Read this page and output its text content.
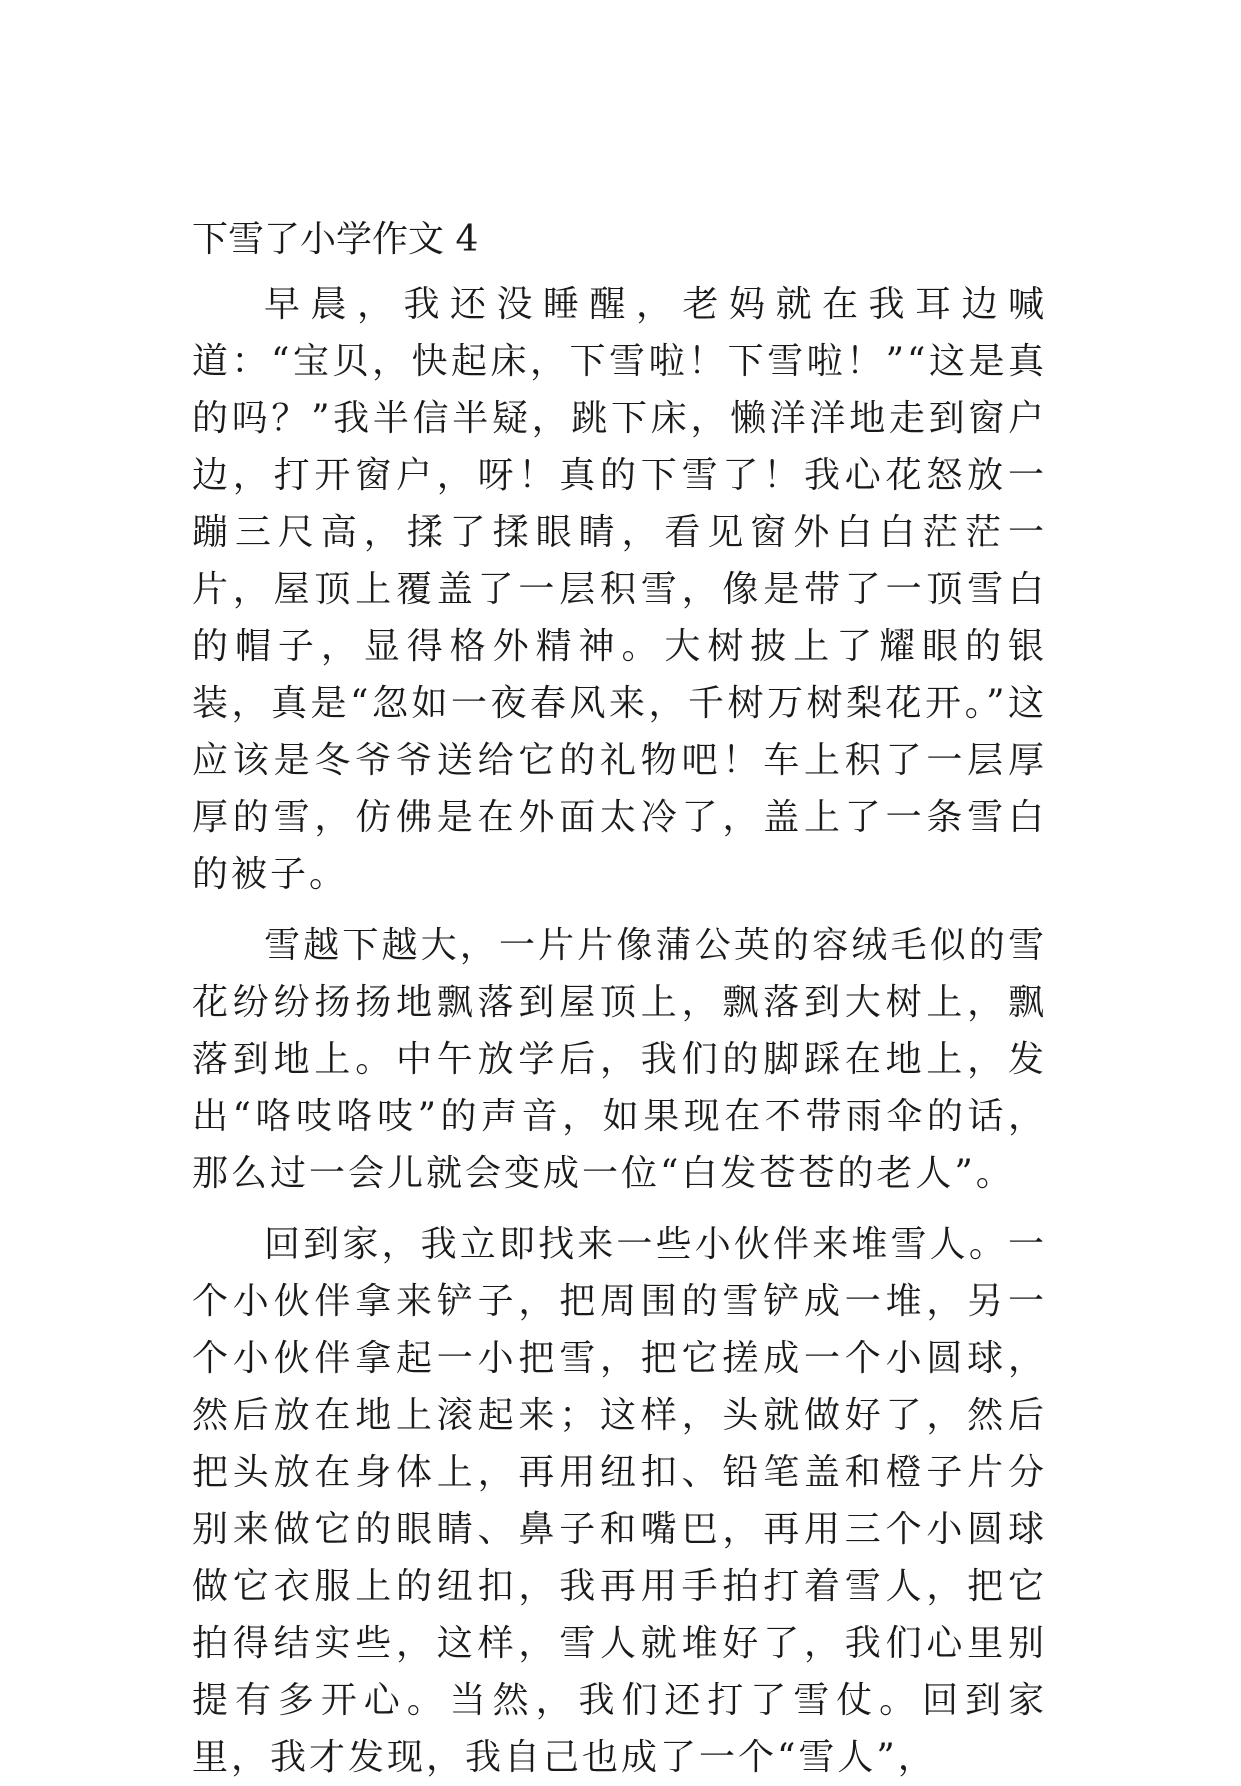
下雪了小学作文 4

早晨，我还没睡醒，老妈就在我耳边喊道：“宝贝，快起床，下雪啦！下雪啦！”“这是真的吗？”我半信半疑，跳下床，懒洋洋地走到窗户边，打开窗户，呀！真的下雪了！我心花怒放一蹦三尺高，揉了揉眼睛，看见窗外白白茫茫一片，屋顶上覆盖了一层积雪，像是带了一顶雪白的帽子，显得格外精神。大树披上了耀眼的银装，真是“忽如一夜春风来，千树万树梨花开。”这应该是冬爷爷送给它的礼物吧！车上积了一层厚厚的雪，仿佛是在外面太冷了，盖上了一条雪白的被子。

雪越下越大，一片片像蒲公英的容绒毛似的雪花纷纷扬扬地飘落到屋顶上，飘落到大树上，飘落到地上。中午放学后，我们的脚踩在地上，发出“咯吱咯吱”的声音，如果现在不带雨伞的话，那么过一会儿就会变成一位“白发苍苍的老人”。

回到家，我立即找来一些小伙伴来堆雪人。一个小伙伴拿来铲子，把周围的雪铲成一堆，另一个小伙伴拿起一小把雪，把它搓成一个小圆球，然后放在地上滚起来；这样，头就做好了，然后把头放在身体上，再用纽扣、铅笔盖和橙子片分别来做它的眼睛、鼻子和嘴巴，再用三个小圆球做它衣服上的纽扣，我再用手拍打着雪人，把它拍得结实些，这样，雪人就堆好了，我们心里别提有多开心。当然，我们还打了雪仗。回到家里，我才发现，我自己也成了一个“雪人”，
